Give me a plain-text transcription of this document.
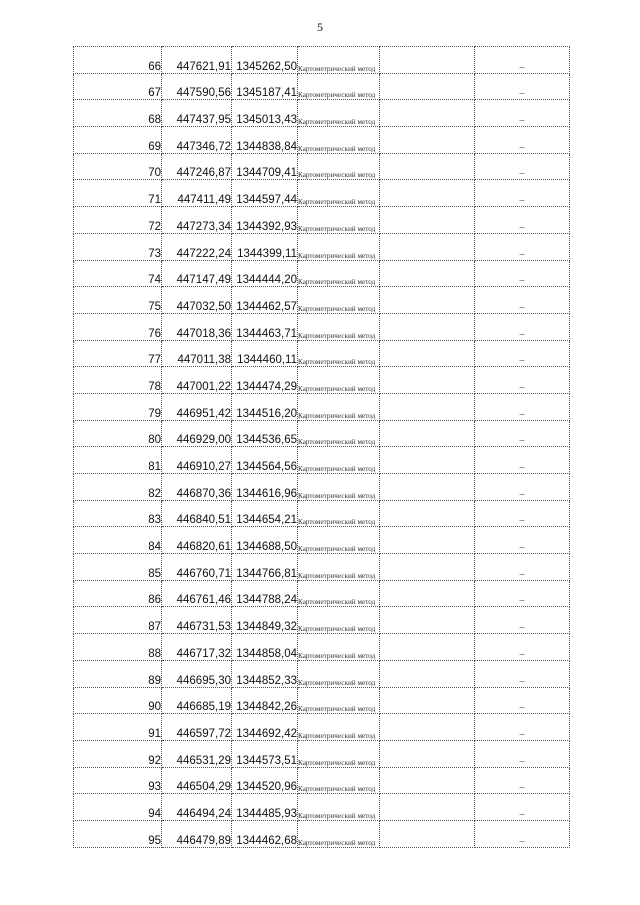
5
66	447621,91	1345262,50	Картометрический метод		–
67	447590,56	1345187,41	Картометрический метод		–
68	447437,95	1345013,43	Картометрический метод		–
69	447346,72	1344838,84	Картометрический метод		–
70	447246,87	1344709,41	Картометрический метод		–
71	447411,49	1344597,44	Картометрический метод		–
72	447273,34	1344392,93	Картометрический метод		–
73	447222,24	1344399,11	Картометрический метод		–
74	447147,49	1344444,20	Картометрический метод		–
75	447032,50	1344462,57	Картометрический метод		–
76	447018,36	1344463,71	Картометрический метод		–
77	447011,38	1344460,11	Картометрический метод		–
78	447001,22	1344474,29	Картометрический метод		–
79	446951,42	1344516,20	Картометрический метод		–
80	446929,00	1344536,65	Картометрический метод		–
81	446910,27	1344564,56	Картометрический метод		–
82	446870,36	1344616,96	Картометрический метод		–
83	446840,51	1344654,21	Картометрический метод		–
84	446820,61	1344688,50	Картометрический метод		–
85	446760,71	1344766,81	Картометрический метод		–
86	446761,46	1344788,24	Картометрический метод		–
87	446731,53	1344849,32	Картометрический метод		–
88	446717,32	1344858,04	Картометрический метод		–
89	446695,30	1344852,33	Картометрический метод		–
90	446685,19	1344842,26	Картометрический метод		–
91	446597,72	1344692,42	Картометрический метод		–
92	446531,29	1344573,51	Картометрический метод		–
93	446504,29	1344520,96	Картометрический метод		–
94	446494,24	1344485,93	Картометрический метод		–
95	446479,89	1344462,68	Картометрический метод		–
